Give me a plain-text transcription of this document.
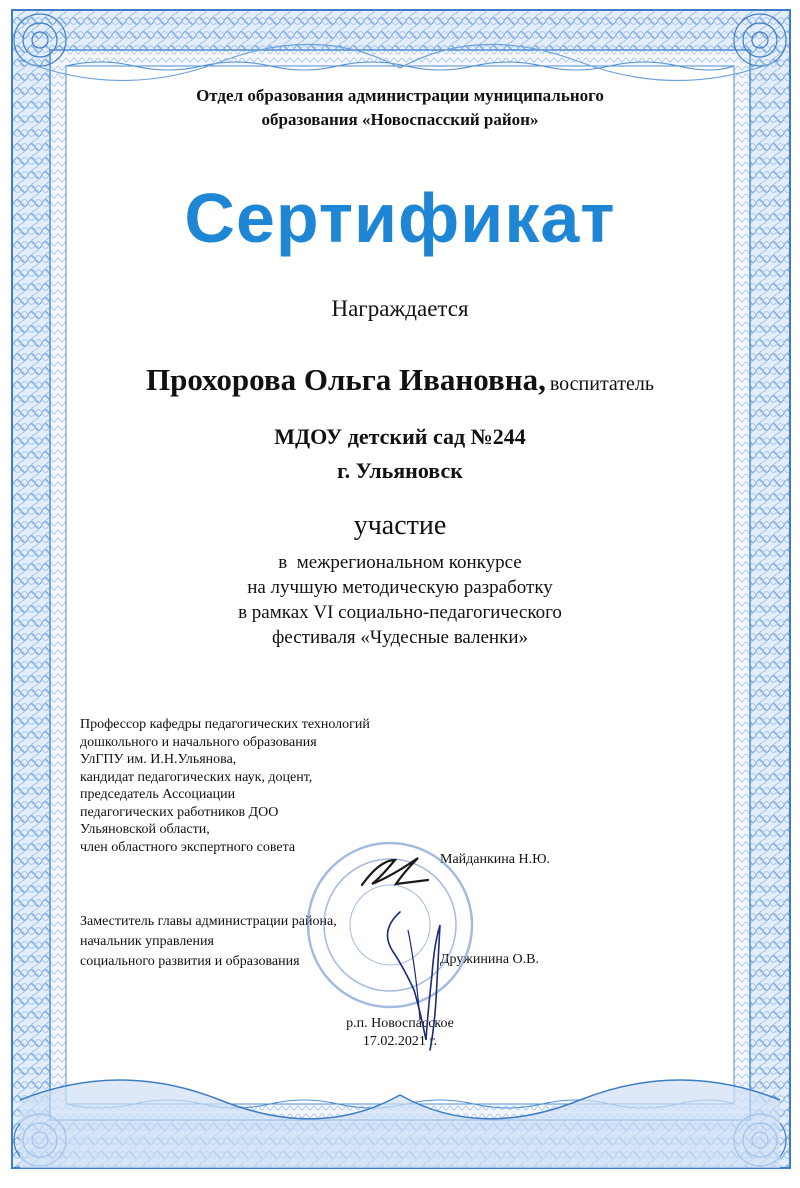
Отдел образования администрации муниципального
образования «Новоспасский район»
Сертификат
Награждается
Прохорова Ольга Ивановна, воспитатель
МДОУ детский сад №244
г. Ульяновск
участие
в  межрегиональном конкурсе
на лучшую методическую разработку
в рамках VI социально-педагогического
фестиваля «Чудесные валенки»
Профессор кафедры педагогических технологий
дошкольного и начального образования
УлГПУ им. И.Н.Ульянова,
кандидат педагогических наук, доцент,
председатель Ассоциации
педагогических работников ДОО
Ульяновской области,
член областного экспертного совета
Майданкина Н.Ю.
Заместитель главы администрации района,
начальник управления
социального развития и образования	Дружинина О.В.
р.п. Новоспасское
17.02.2021 г.
